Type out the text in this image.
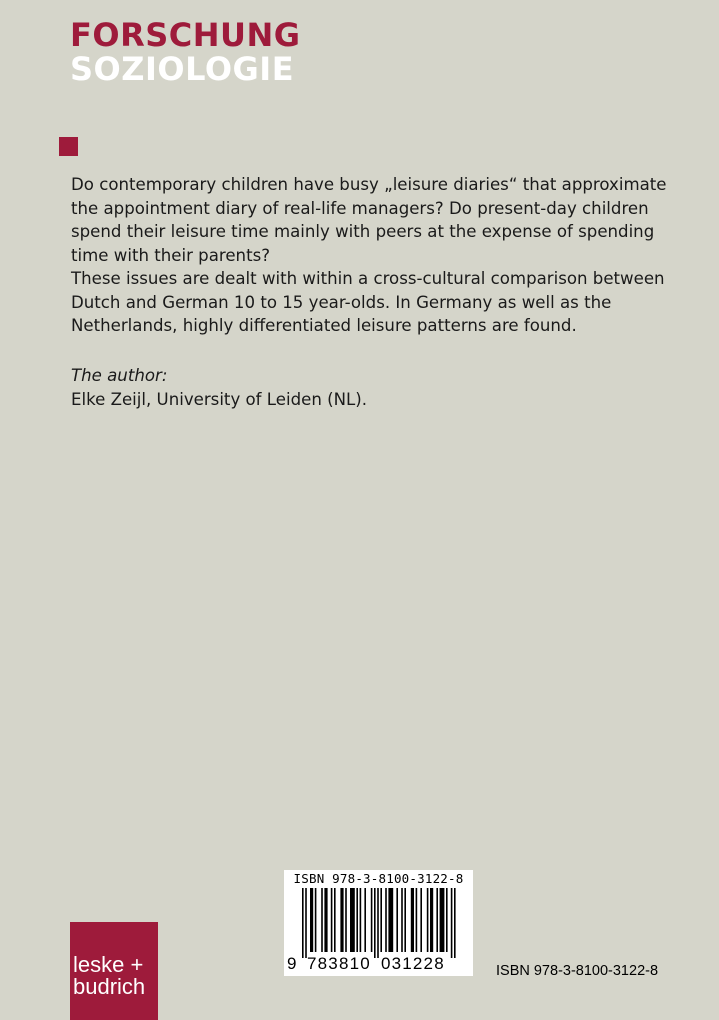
FORSCHUNG
SOZIOLOGIE

Do contemporary children have busy „leisure diaries“ that approximate the appointment diary of real-life managers? Do present-day children spend their leisure time mainly with peers at the expense of spending time with their parents?

These issues are dealt with within a cross-cultural comparison between Dutch and German 10 to 15 year-olds. In Germany as well as the Netherlands, highly differentiated leisure patterns are found.

The author:
Elke Zeijl, University of Leiden (NL).
ISBN 978-3-8100-3122-8
9 783810 031228	ISBN 978-3-8100-3122-8
leske +
budrich
